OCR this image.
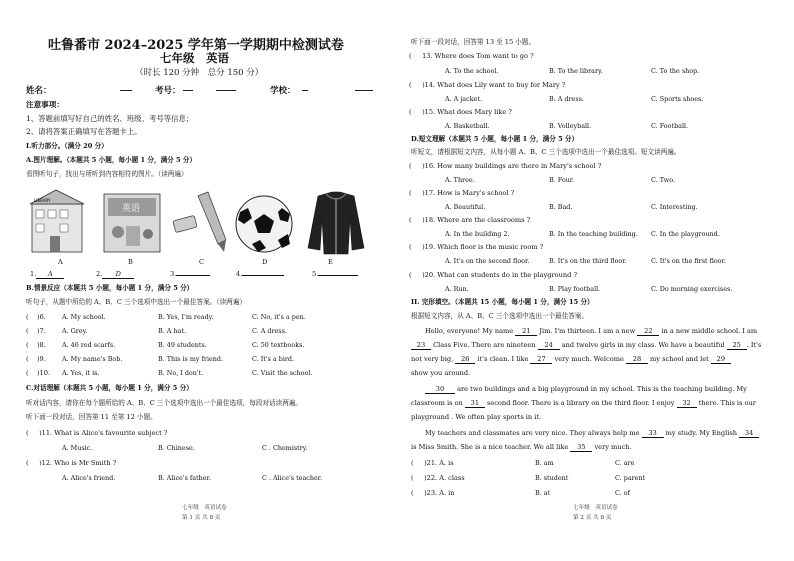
吐鲁番市 2024–2025 学年第一学期期中检测试卷
七年级　英语
（时长 120 分钟　总分 150 分）
姓名：	考号：	学校：
注意事项：
1、答题前填写好自己的姓名、班级、考号等信息；
2、请将答案正确填写在答题卡上。
I.听力部分。（满分 20 分）
A.图片理解。（本题共 5 小题，每小题 1 分，满分 5 分）
看图听句子，找出与所听到内容相符的图片。（读两遍）
LIBRARY
英语
A	B	C	D	E
1. A	2. D	3.	4.	5.
B.情景反应（本题共 5 小题，每小题 1 分，满分 5 分）
听句子，从题中所给的 A、B、C 三个选项中选出一个最佳答案。（读两遍）
(    )6.	A. My school.	B. Yes, I'm ready.	C. No, it's a pen.
(    )7.	A. Grey.	B. A hat.	C. A dress.
(    )8.	A. 46 red scarfs.	B. 49 students.	C. 50 textbooks.
(    )9.	A. My name's Bob.	B. This is my friend.	C. It's a bird.
(    )10. A. Yes, it is.	B. No, I don't.	C. Visit the school.
C.对话理解（本题共 5 小题，每小题 1 分，满分 5 分）
听对话内容，请你在每个题所给的 A、B、C 三个选项中选出一个最佳选项，每段对话读两遍。
听下面一段对话，回答第 11 至第 12 小题。
(     )11. What is Alice's favourite subject ?
A. Music.	B. Chinese.	C . Chemistry.
(     )12. Who is Mr Smith ?
A. Alice's friend.	B. Alice's father.	C . Alice's teacher.
七年级　英语试卷
第 1 页 共 8 页
听下面一段对话，回答第 13 至 15 小题。
(     13. Where does Tom want to go ?
A. To the school.	B. To the library.	C. To the shop.
(     )14. What does Lily want to buy for Mary ?
A. A jacket.	B. A dress.	C. Sports shoes.
(     )15. What does Mary like ?
A. Basketball.	B. Volleyball.	C. Football.
D.短文理解（本题共 5 小题，每小题 1 分，满分 5 分）
听短文，请根据短文内容，从每小题 A、B、C 三个选项中选出一个最佳选项。短文读两遍。
(     )16. How many buildings are there in Mary's school ?
A. Three.	B. Four.	C. Two.
(     )17. How is Mary's school ?
A. Beautiful.	B. Bad.	C. Interesting.
(     )18. Where are the classrooms ?
A. In the building 2.	B. In the teaching building. C. In the playground.
(     )19. Which floor is the music room ?
A. It's on the second floor.	B. It's on the third floor.	C. It's on the first floor.
(     )20. What can students do in the playground ?
A. Run.	B. Play football.	C. Do morning exercises.
II. 完形填空。（本题共 15 小题，每小题 1 分，满分 15 分）
根据短文内容，从 A、B、C 三个选项中选出一个最佳答案。
Hello, everyone! My name 21 Jim. I'm thirteen. I am a new 22 in a new middle school. I am
23 Class Five. There are nineteen 24 and twelve girls in my class. We have a beautiful 25 . It's
not very big, 26 it's clean. I like 27 very much. Welcome 28 my school and let 29
show you around.
30 are two buildings and a big playground in my school. This is the teaching building. My
classroom is on 31 second floor. There is a library on the third floor. I enjoy 32 there. This is our
playground . We often play sports in it.
My teachers and classmates are very nice. They always help me 33 my study. My English 34
is Miss Smith. She is a nice teacher. We all like 35 very much.
(     )21. A. is	B. am	C. are
(     )22. A. class	B. student	C. parent
(     )23. A. in	B. at	C. of
七年级　英语试卷
第 2 页 共 8 页
